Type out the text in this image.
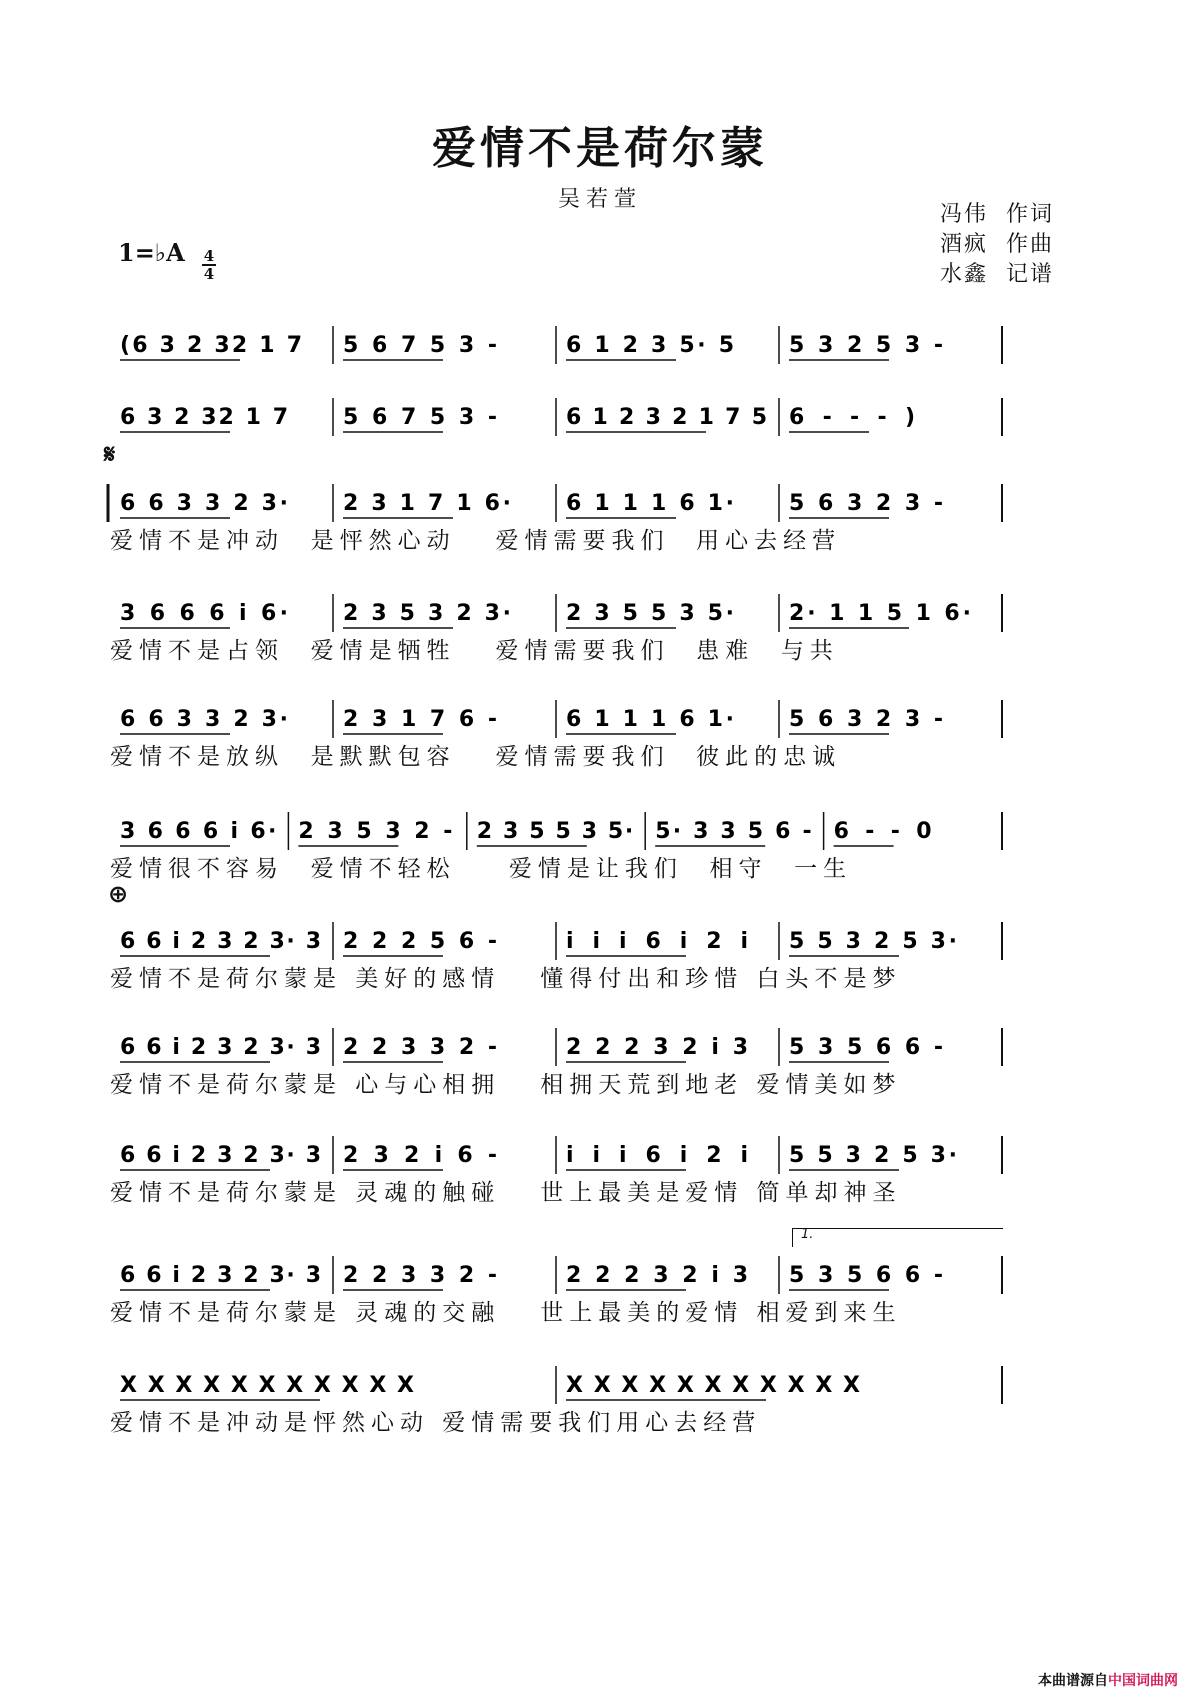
爱情不是荷尔蒙
吴若萱
冯伟  作词
酒疯  作曲
水鑫  记谱
1=♭A 4
4
𝄋
⊕
1.
(6 3 2 32 1 7 5 6 7 5 3 -	6 1 2 3 5· 5	5 3 2 5 3 -
6 3 2 32 1 7	5 6 7 5 3 -	6 1 2 3 2 1 7 5 6 - - - )
6 6 3 3 2 3·	2 3 1 7 1 6·	6 1 1 1 6 1·	5 6 3 2 3 -
爱情不是冲动  是怦然心动   爱情需要我们  用心去经营
3 6 6 6 i 6·	2 3 5 3 2 3·	2 3 5 5 3 5·	2· 1 1 5 1 6·
爱情不是占领  爱情是牺牲   爱情需要我们  患难  与共
6 6 3 3 2 3·	2 3 1 7 6 -	6 1 1 1 6 1·	5 6 3 2 3 -
爱情不是放纵  是默默包容   爱情需要我们  彼此的忠诚
3 6 6 6 i 6· 2 3 5 3 2 - 2 3 5 5 3 5· 5· 3 3 5 6 - 6 - - 0
爱情很不容易  爱情不轻松    爱情是让我们  相守  一生
6 6 i 2 3 2 3· 3 2 2 2 5 6 -	i i i 6 i 2 i 5 5 3 2 5 3·
爱情不是荷尔蒙是 美好的感情   懂得付出和珍惜 白头不是梦
6 6 i 2 3 2 3· 3 2 2 3 3 2 -	2 2 2 3 2 i 3 5 3 5 6 6 -
爱情不是荷尔蒙是 心与心相拥   相拥天荒到地老 爱情美如梦
6 6 i 2 3 2 3· 3 2 3 2 i 6 -	i i i 6 i 2 i 5 5 3 2 5 3·
爱情不是荷尔蒙是 灵魂的触碰   世上最美是爱情 简单却神圣
6 6 i 2 3 2 3· 3 2 2 3 3 2 -	2 2 2 3 2 i 3 5 3 5 6 6 -
爱情不是荷尔蒙是 灵魂的交融   世上最美的爱情 相爱到来生
X X X X X X X X X X X	X X X X X X X X X X X
爱情不是冲动是怦然心动 爱情需要我们用心去经营
本曲谱源自中国词曲网
